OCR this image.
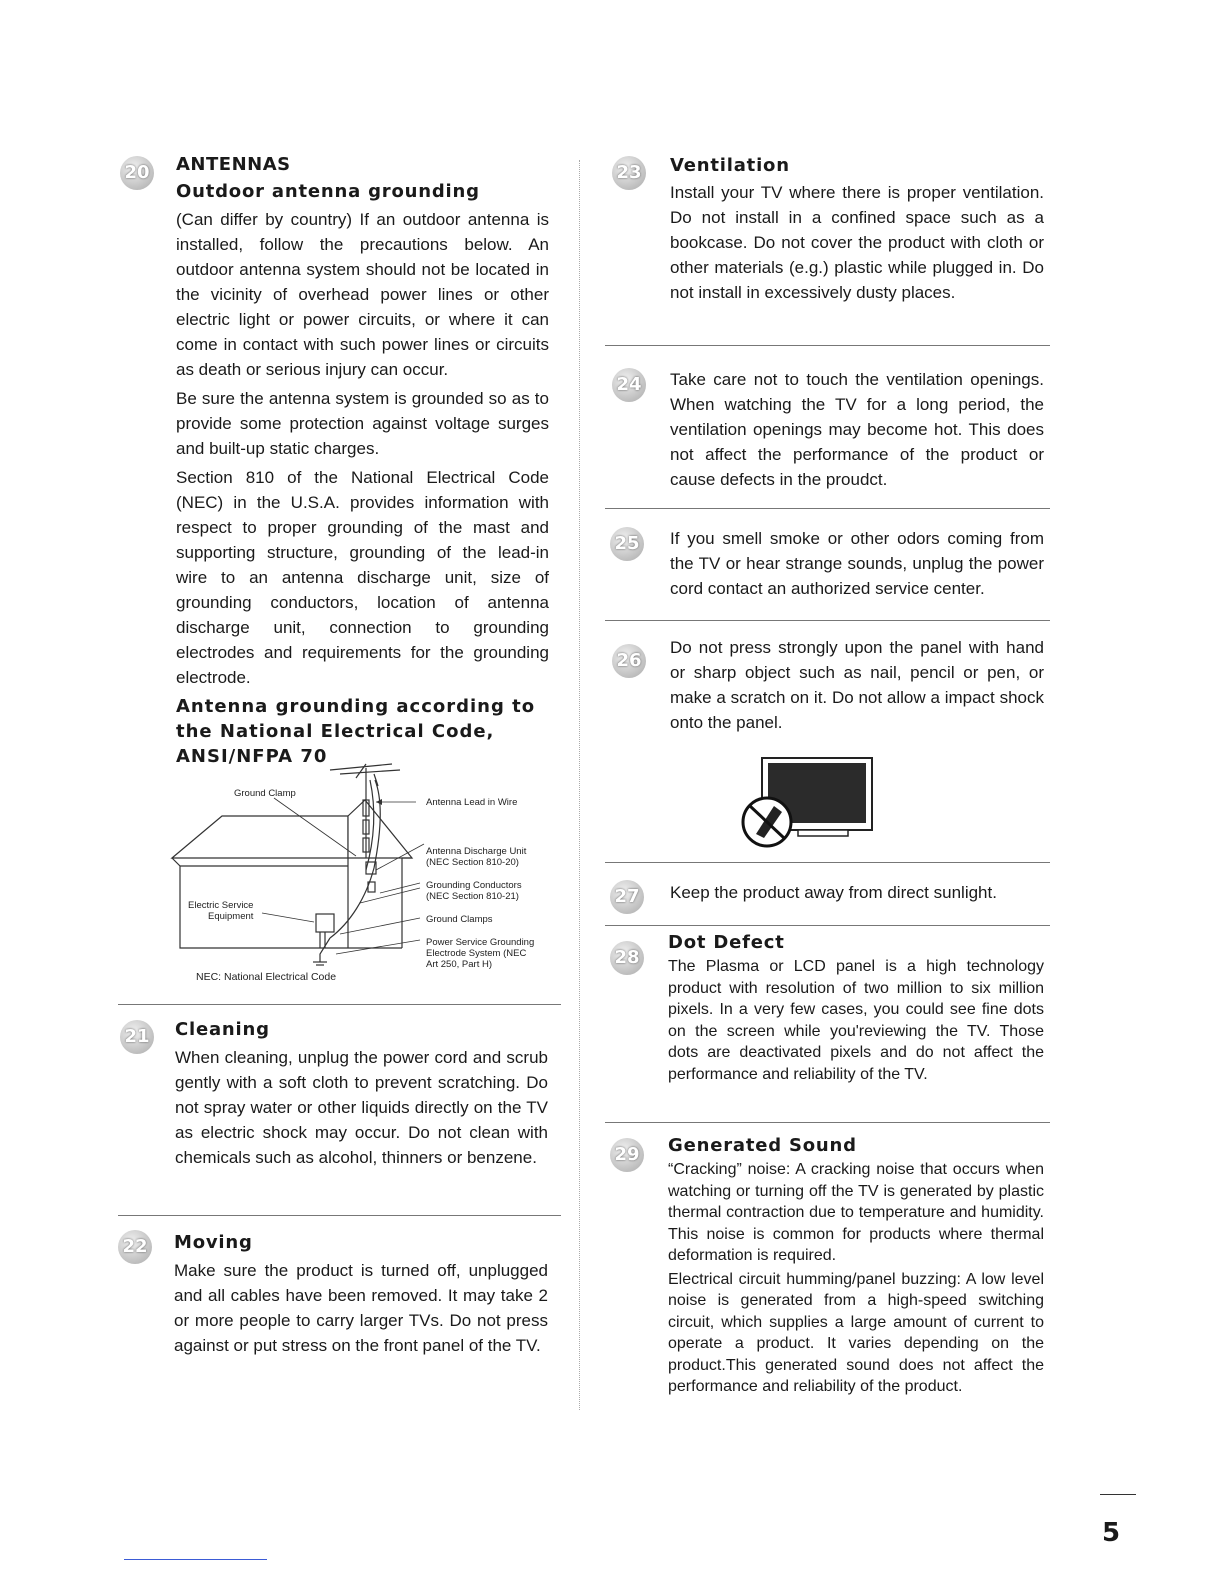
20 ANTENNAS
Outdoor antenna grounding

(Can differ by country) If an outdoor antenna is installed, follow the precautions below. An outdoor antenna system should not be located in the vicinity of overhead power lines or other electric light or power circuits, or where it can come in contact with such power lines or circuits as death or serious injury can occur.

Be sure the antenna system is grounded so as to provide some protection against voltage surges and built-up static charges.

Section 810 of the National Electrical Code (NEC) in the U.S.A. provides information with respect to proper grounding of the mast and supporting structure, grounding of the lead-in wire to an antenna discharge unit, size of grounding conductors, location of antenna discharge unit, connection to grounding electrodes and requirements for the grounding electrode.

Antenna grounding according to the National Electrical Code, ANSI/NFPA 70
Ground Clamp
Antenna Lead in Wire
Antenna Discharge Unit
(NEC Section 810-20)
Grounding Conductors
(NEC Section 810-21)
Ground Clamps
Electric Service
Equipment
Power Service Grounding
Electrode System (NEC
Art 250, Part H)
NEC: National Electrical Code
21 Cleaning

When cleaning, unplug the power cord and scrub gently with a soft cloth to prevent scratching. Do not spray water or other liquids directly on the TV as electric shock may occur. Do not clean with chemicals such as alcohol, thinners or benzene.

22 Moving

Make sure the product is turned off, unplugged and all cables have been removed. It may take 2 or more people to carry larger TVs. Do not press against or put stress on the front panel of the TV.

23 Ventilation

Install your TV where there is proper ventilation. Do not install in a confined space such as a bookcase. Do not cover the product with cloth or other materials (e.g.) plastic while plugged in. Do not install in excessively dusty places.

24 Take care not to touch the ventilation openings. When watching the TV for a long period, the ventilation openings may become hot. This does not affect the performance of the product or cause defects in the proudct.

25 If you smell smoke or other odors coming from the TV or hear strange sounds, unplug the power cord contact an authorized service center.

26

Do not press strongly upon the panel with hand or sharp object such as nail, pencil or pen, or make a scratch on it. Do not allow a impact shock onto the panel.

27 Keep the product away from direct sunlight.

28
Dot Defect

The Plasma or LCD panel is a high technology product with resolution of two million to six million pixels. In a very few cases, you could see fine dots on the screen while you'reviewing the TV. Those dots are deactivated pixels and do not affect the performance and reliability of the TV.

29 Generated Sound

“Cracking” noise: A cracking noise that occurs when watching or turning off the TV is generated by plastic thermal contraction due to temperature and humidity. This noise is common for products where thermal deformation is required.

Electrical circuit humming/panel buzzing: A low level noise is generated from a high-speed switching circuit, which supplies a large amount of current to operate a product. It varies depending on the product.This generated sound does not affect the performance and reliability of the product.

5
